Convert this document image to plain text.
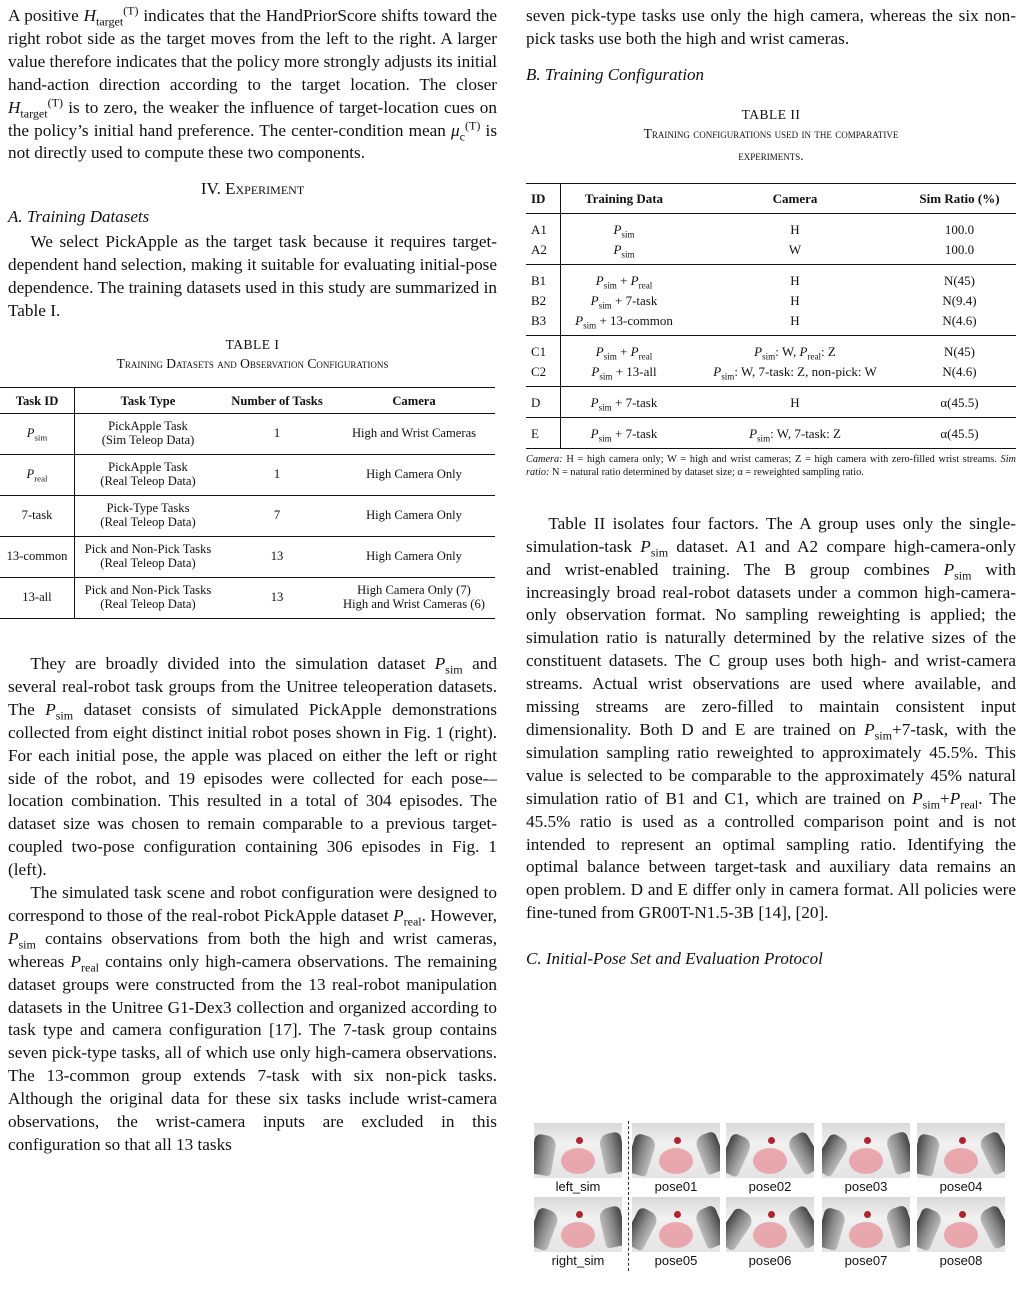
A positive $H_{target}^{(T)}$ indicates that the HandPriorScore shifts toward the right robot side as the target moves from the left to the right. A larger value therefore indicates that the policy more strongly adjusts its initial hand-action direction according to the target location. The closer $H_{target}^{(T)}$ is to zero, the weaker the influence of target-location cues on the policy’s initial hand preference. The center-condition mean $\mu_c^{(T)}$ is not directly used to compute these two components.

IV. Experiment

A. Training Datasets

We select PickApple as the target task because it requires target-dependent hand selection, making it suitable for evaluating initial-pose dependence. The training datasets used in this study are summarized in Table I.

TABLE I

Training Datasets and Observation Configurations

Task ID	Task Type	Number of Tasks	Camera
$P_{sim}$	PickApple Task
(Sim Teleop Data)	1	High and Wrist Cameras
$P_{real}$	PickApple Task
(Real Teleop Data)	1	High Camera Only
7-task	Pick-Type Tasks
(Real Teleop Data)	7	High Camera Only
13-common	Pick and Non-Pick Tasks
(Real Teleop Data)	13	High Camera Only
13-all	Pick and Non-Pick Tasks
(Real Teleop Data)	13	High Camera Only (7)
High and Wrist Cameras (6)

They are broadly divided into the simulation dataset $P_{sim}$ and several real-robot task groups from the Unitree teleoperation datasets. The $P_{sim}$ dataset consists of simulated PickApple demonstrations collected from eight distinct initial robot poses shown in Fig. 1 (right). For each initial pose, the apple was placed on either the left or right side of the robot, and 19 episodes were collected for each pose-–location combination. This resulted in a total of 304 episodes. The dataset size was chosen to remain comparable to a previous target-coupled two-pose configuration containing 306 episodes in Fig. 1 (left).

The simulated task scene and robot configuration were designed to correspond to those of the real-robot PickApple dataset $P_{real}$. However, $P_{sim}$ contains observations from both the high and wrist cameras, whereas $P_{real}$ contains only high-camera observations. The remaining dataset groups were constructed from the 13 real-robot manipulation datasets in the Unitree G1-Dex3 collection and organized according to task type and camera configuration [17]. The 7-task group contains seven pick-type tasks, all of which use only high-camera observations. The 13-common group extends 7-task with six non-pick tasks. Although the original data for these six tasks include wrist-camera observations, the wrist-camera inputs are excluded in this configuration so that all 13 tasks

seven pick-type tasks use only the high camera, whereas the six non-pick tasks use both the high and wrist cameras.

B. Training Configuration

TABLE II

Training configurations used in the comparative
experiments.

ID	Training Data	Camera	Sim Ratio (%)
A1	$P_{sim}$	H	100.0
A2	$P_{sim}$	W	100.0
B1	$P_{sim} + P_{real}$	H	N(45)
B2	$P_{sim}$ + 7-task	H	N(9.4)
B3	$P_{sim}$ + 13-common	H	N(4.6)
C1	$P_{sim} + P_{real}$	$P_{sim}$: W, $P_{real}$: Z	N(45)
C2	$P_{sim} + 13-all$	$P_{sim}$: W, 7-task: Z, non-pick: W	N(4.6)
D	$P_{sim}$ + 7-task	H	α(45.5)
E	$P_{sim}$ + 7-task	$P_{sim}$: W, 7-task: Z	α(45.5)

Camera: H = high camera only; W = high and wrist cameras; Z = high camera with zero-filled wrist streams. Sim ratio: N = natural ratio determined by dataset size; α = reweighted sampling ratio.

Table II isolates four factors. The A group uses only the single-simulation-task $P_{sim}$ dataset. A1 and A2 compare high-camera-only and wrist-enabled training. The B group combines $P_{sim}$ with increasingly broad real-robot datasets under a common high-camera-only observation format. No sampling reweighting is applied; the simulation ratio is naturally determined by the relative sizes of the constituent datasets. The C group uses both high- and wrist-camera streams. Actual wrist observations are used where available, and missing streams are zero-filled to maintain consistent input dimensionality. Both D and E are trained on $P_{sim}+7$-task, with the simulation sampling ratio reweighted to approximately 45.5%. This value is selected to be comparable to the approximately 45% natural simulation ratio of B1 and C1, which are trained on $P_{sim}+P_{real}$. The 45.5% ratio is used as a controlled comparison point and is not intended to represent an optimal sampling ratio. Identifying the optimal balance between target-task and auxiliary data remains an open problem. D and E differ only in camera format. All policies were fine-tuned from GR00T-N1.5-3B [14], [20].

C. Initial-Pose Set and Evaluation Protocol

left_sim	pose01	pose02	pose03	pose04
right_sim	pose05	pose06	pose07	pose08
